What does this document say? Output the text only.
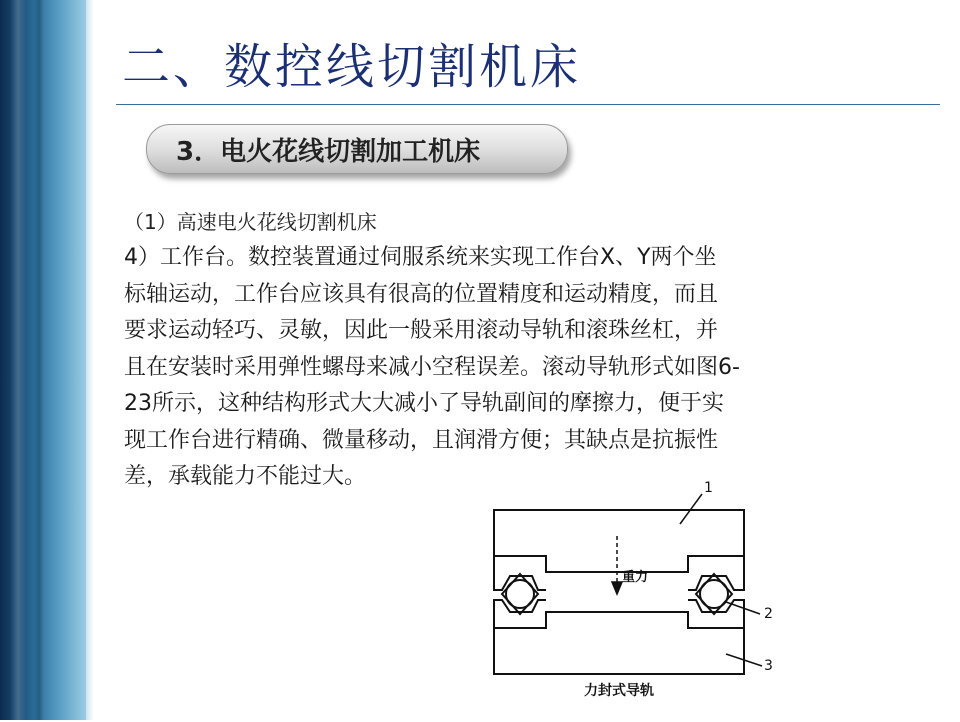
二、数控线切割机床
3．电火花线切割加工机床
（1）高速电火花线切割机床
4）工作台。数控装置通过伺服系统来实现工作台X、Y两个坐
标轴运动，工作台应该具有很高的位置精度和运动精度，而且
要求运动轻巧、灵敏，因此一般采用滚动导轨和滚珠丝杠，并
且在安装时采用弹性螺母来减小空程误差。滚动导轨形式如图6-
23所示，这种结构形式大大减小了导轨副间的摩擦力，便于实
现工作台进行精确、微量移动，且润滑方便；其缺点是抗振性
差，承载能力不能过大。
重力
1
2
3
力封式导轨
